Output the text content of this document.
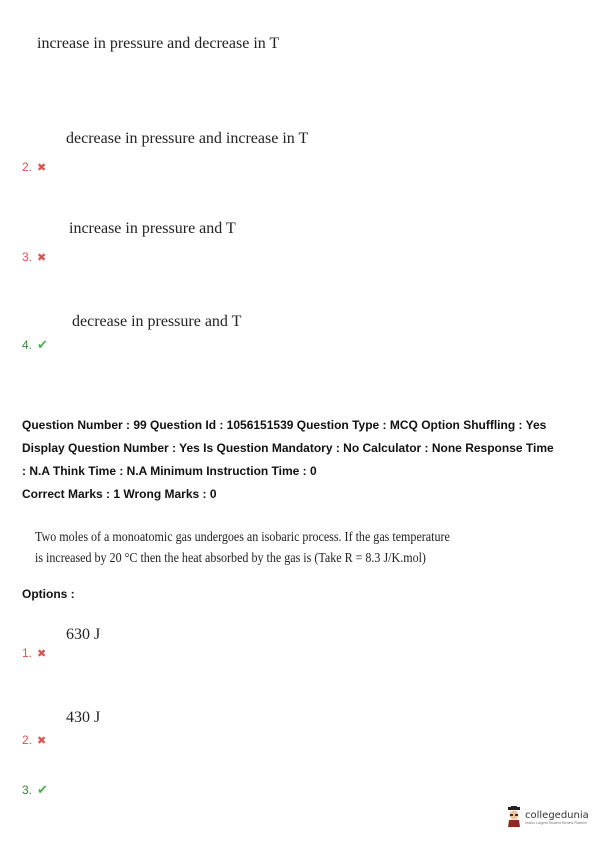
increase in pressure and decrease in T
decrease in pressure and increase in T
2. ✖
increase in pressure and T
3. ✖
decrease in pressure and T
4. ✔

Question Number : 99 Question Id : 1056151539 Question Type : MCQ Option Shuffling : Yes

Display Question Number : Yes Is Question Mandatory : No Calculator : None Response Time

: N.A Think Time : N.A Minimum Instruction Time : 0

Correct Marks : 1 Wrong Marks : 0

Two moles of a monoatomic gas undergoes an isobaric process. If the gas temperature
is increased by 20 °C then the heat absorbed by the gas is (Take R = 8.3 J/K.mol)
Options :
630 J
1. ✖
430 J
2. ✖
3. ✔
collegedunia
India's Largest Student Review Platform
